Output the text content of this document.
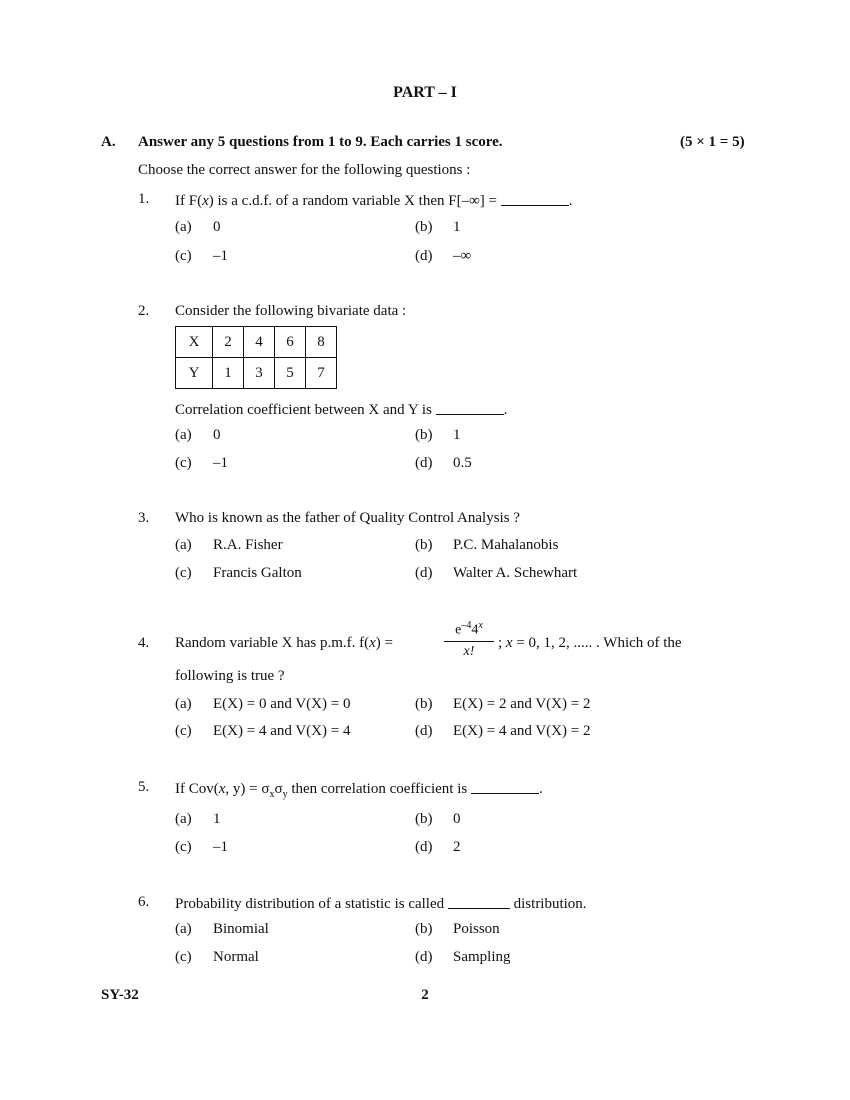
PART – I
A. Answer any 5 questions from 1 to 9. Each carries 1 score.	(5 × 1 = 5)
Choose the correct answer for the following questions :
1. If F(x) is a c.d.f. of a random variable X then F[–∞] =	.
(a) 0	(b) 1
(c) –1	(d) –∞
2. Consider the following bivariate data :
X	2	4	6	8
Y	1	3	5	7
Correlation coefficient between X and Y is	.
(a) 0	(b) 1
(c) –1	(d) 0.5
3. Who is known as the father of Quality Control Analysis ?
(a) R.A. Fisher	(b) P.C. Mahalanobis
(c) Francis Galton	(d) Walter A. Schewhart
4. Random variable X has p.m.f. f(x) =	$\frac{e^{-4}4^x}{x!}$ ; x = 0, 1, 2, ..... . Which of the
following is true ?
(a) E(X) = 0 and V(X) = 0	(b) E(X) = 2 and V(X) = 2
(c) E(X) = 4 and V(X) = 4	(d) E(X) = 4 and V(X) = 2
5. If Cov(x, $y) = \sigma_x\sigma_y$ then correlation coefficient is	.
(a) 1	(b) 0
(c) –1	(d) 2
6. Probability distribution of a statistic is called	distribution.
(a) Binomial	(b) Poisson
(c) Normal	(d) Sampling
2
SY-32
